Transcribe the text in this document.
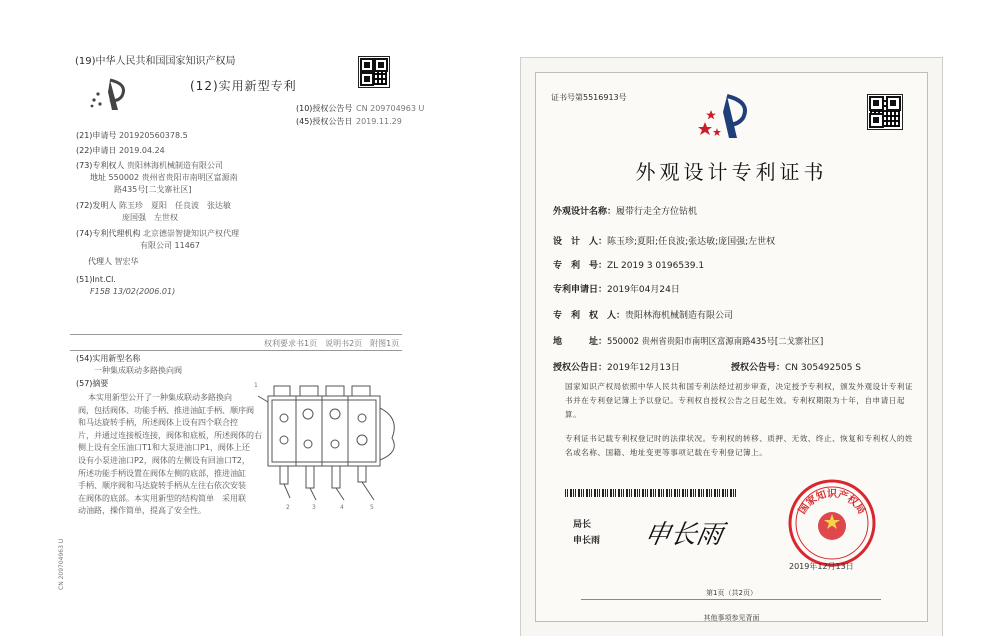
(19)中华人民共和国国家知识产权局
(12)实用新型专利
(10)授权公告号 CN 209704963 U
(45)授权公告日 2019.11.29
(21)申请号 201920560378.5
(22)申请日 2019.04.24
(73)专利权人 贵阳林海机械制造有限公司
地址 550002 贵州省贵阳市南明区富源南
路435号[二戈寨社区]
(72)发明人 陈玉珍　夏阳　任良波　张达敏
庞国强　左世权
(74)专利代理机构 北京德崇智捷知识产权代理
有限公司 11467
代理人 智宏华
(51)Int.Cl.
F15B 13/02(2006.01)
权利要求书1页　说明书2页　附图1页
(54)实用新型名称
一种集成联动多路换向阀
(57)摘要
本实用新型公开了一种集成联动多路换向
阀，包括阀体、功能手柄、推进油缸手柄、顺序阀
和马达旋转手柄，所述阀体上设有四个联合控
片，并通过连接板连接，阀体和底板，所述阀体的右
侧上设有全压油口T1和大泵进油口P1，阀体上还
设有小泵进油口P2，阀体的左侧设有回油口T2，
所述功能手柄设置在阀体左侧的底部，推进油缸
手柄、顺序阀和马达旋转手柄从左往右依次安装
在阀体的底部。本实用新型的结构简单　采用联
动油路，操作简单，提高了安全性。
1
2	3	4	5
CN 209704963 U
证书号第5516913号
外观设计专利证书
外观设计名称：履带行走全方位钻机
设　计　人：陈玉珍;夏阳;任良波;张达敏;庞国强;左世权
专　利　号：ZL 2019 3 0196539.1
专利申请日：2019年04月24日
专　利　权　人：贵阳林海机械制造有限公司
地　　　址：550002 贵州省贵阳市南明区富源南路435号[二戈寨社区]
授权公告日：2019年12月13日	授权公告号：CN 305492505 S
国家知识产权局依照中华人民共和国专利法经过初步审查，决定授予专利权，颁发外观设计专利证书并在专利登记簿上予以登记。专利权自授权公告之日起生效。专利权期限为十年，自申请日起算。
专利证书记载专利权登记时的法律状况。专利权的转移、质押、无效、终止、恢复和专利权人的姓名或名称、国籍、地址变更等事项记载在专利登记簿上。
局长
申长雨 申长雨
国家知识产权局
2019年12月13日
第1页（共2页）
其他事项参见背面
